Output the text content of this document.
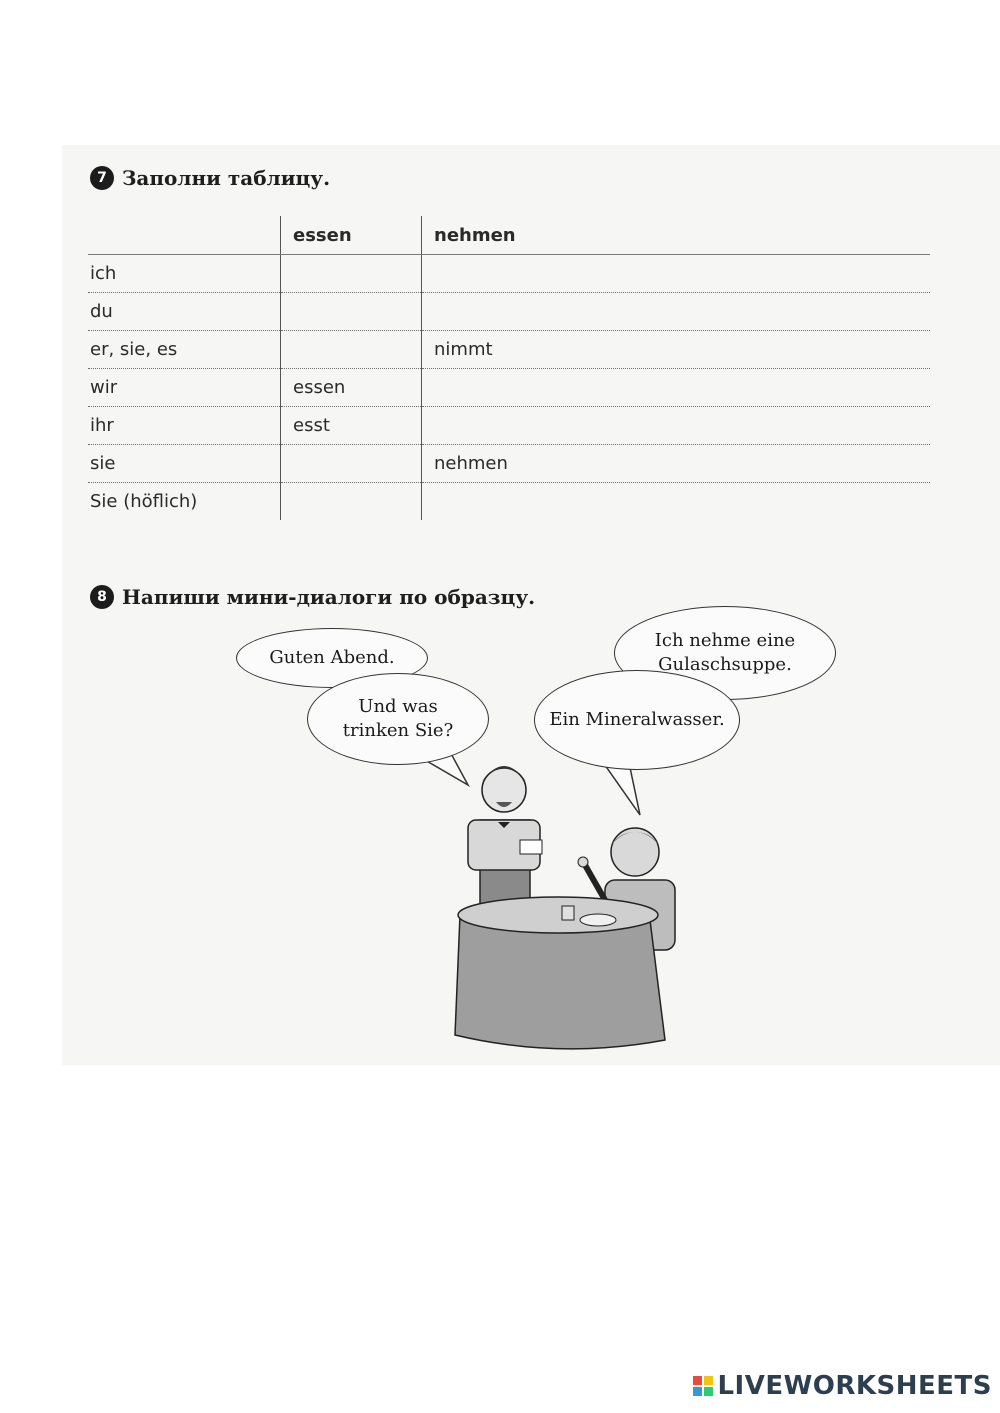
7 Заполни таблицу.
	essen	nehmen
ich		
du		
er, sie, es		nimmt
wir	essen	
ihr	esst	
sie		nehmen
Sie (höflich)		
8 Напиши мини-диалоги по образцу.
Guten Abend.
Und was
trinken Sie?
Ich nehme eine
Gulaschsuppe.
Ein Mineralwasser.
LIVEWORKSHEETS
